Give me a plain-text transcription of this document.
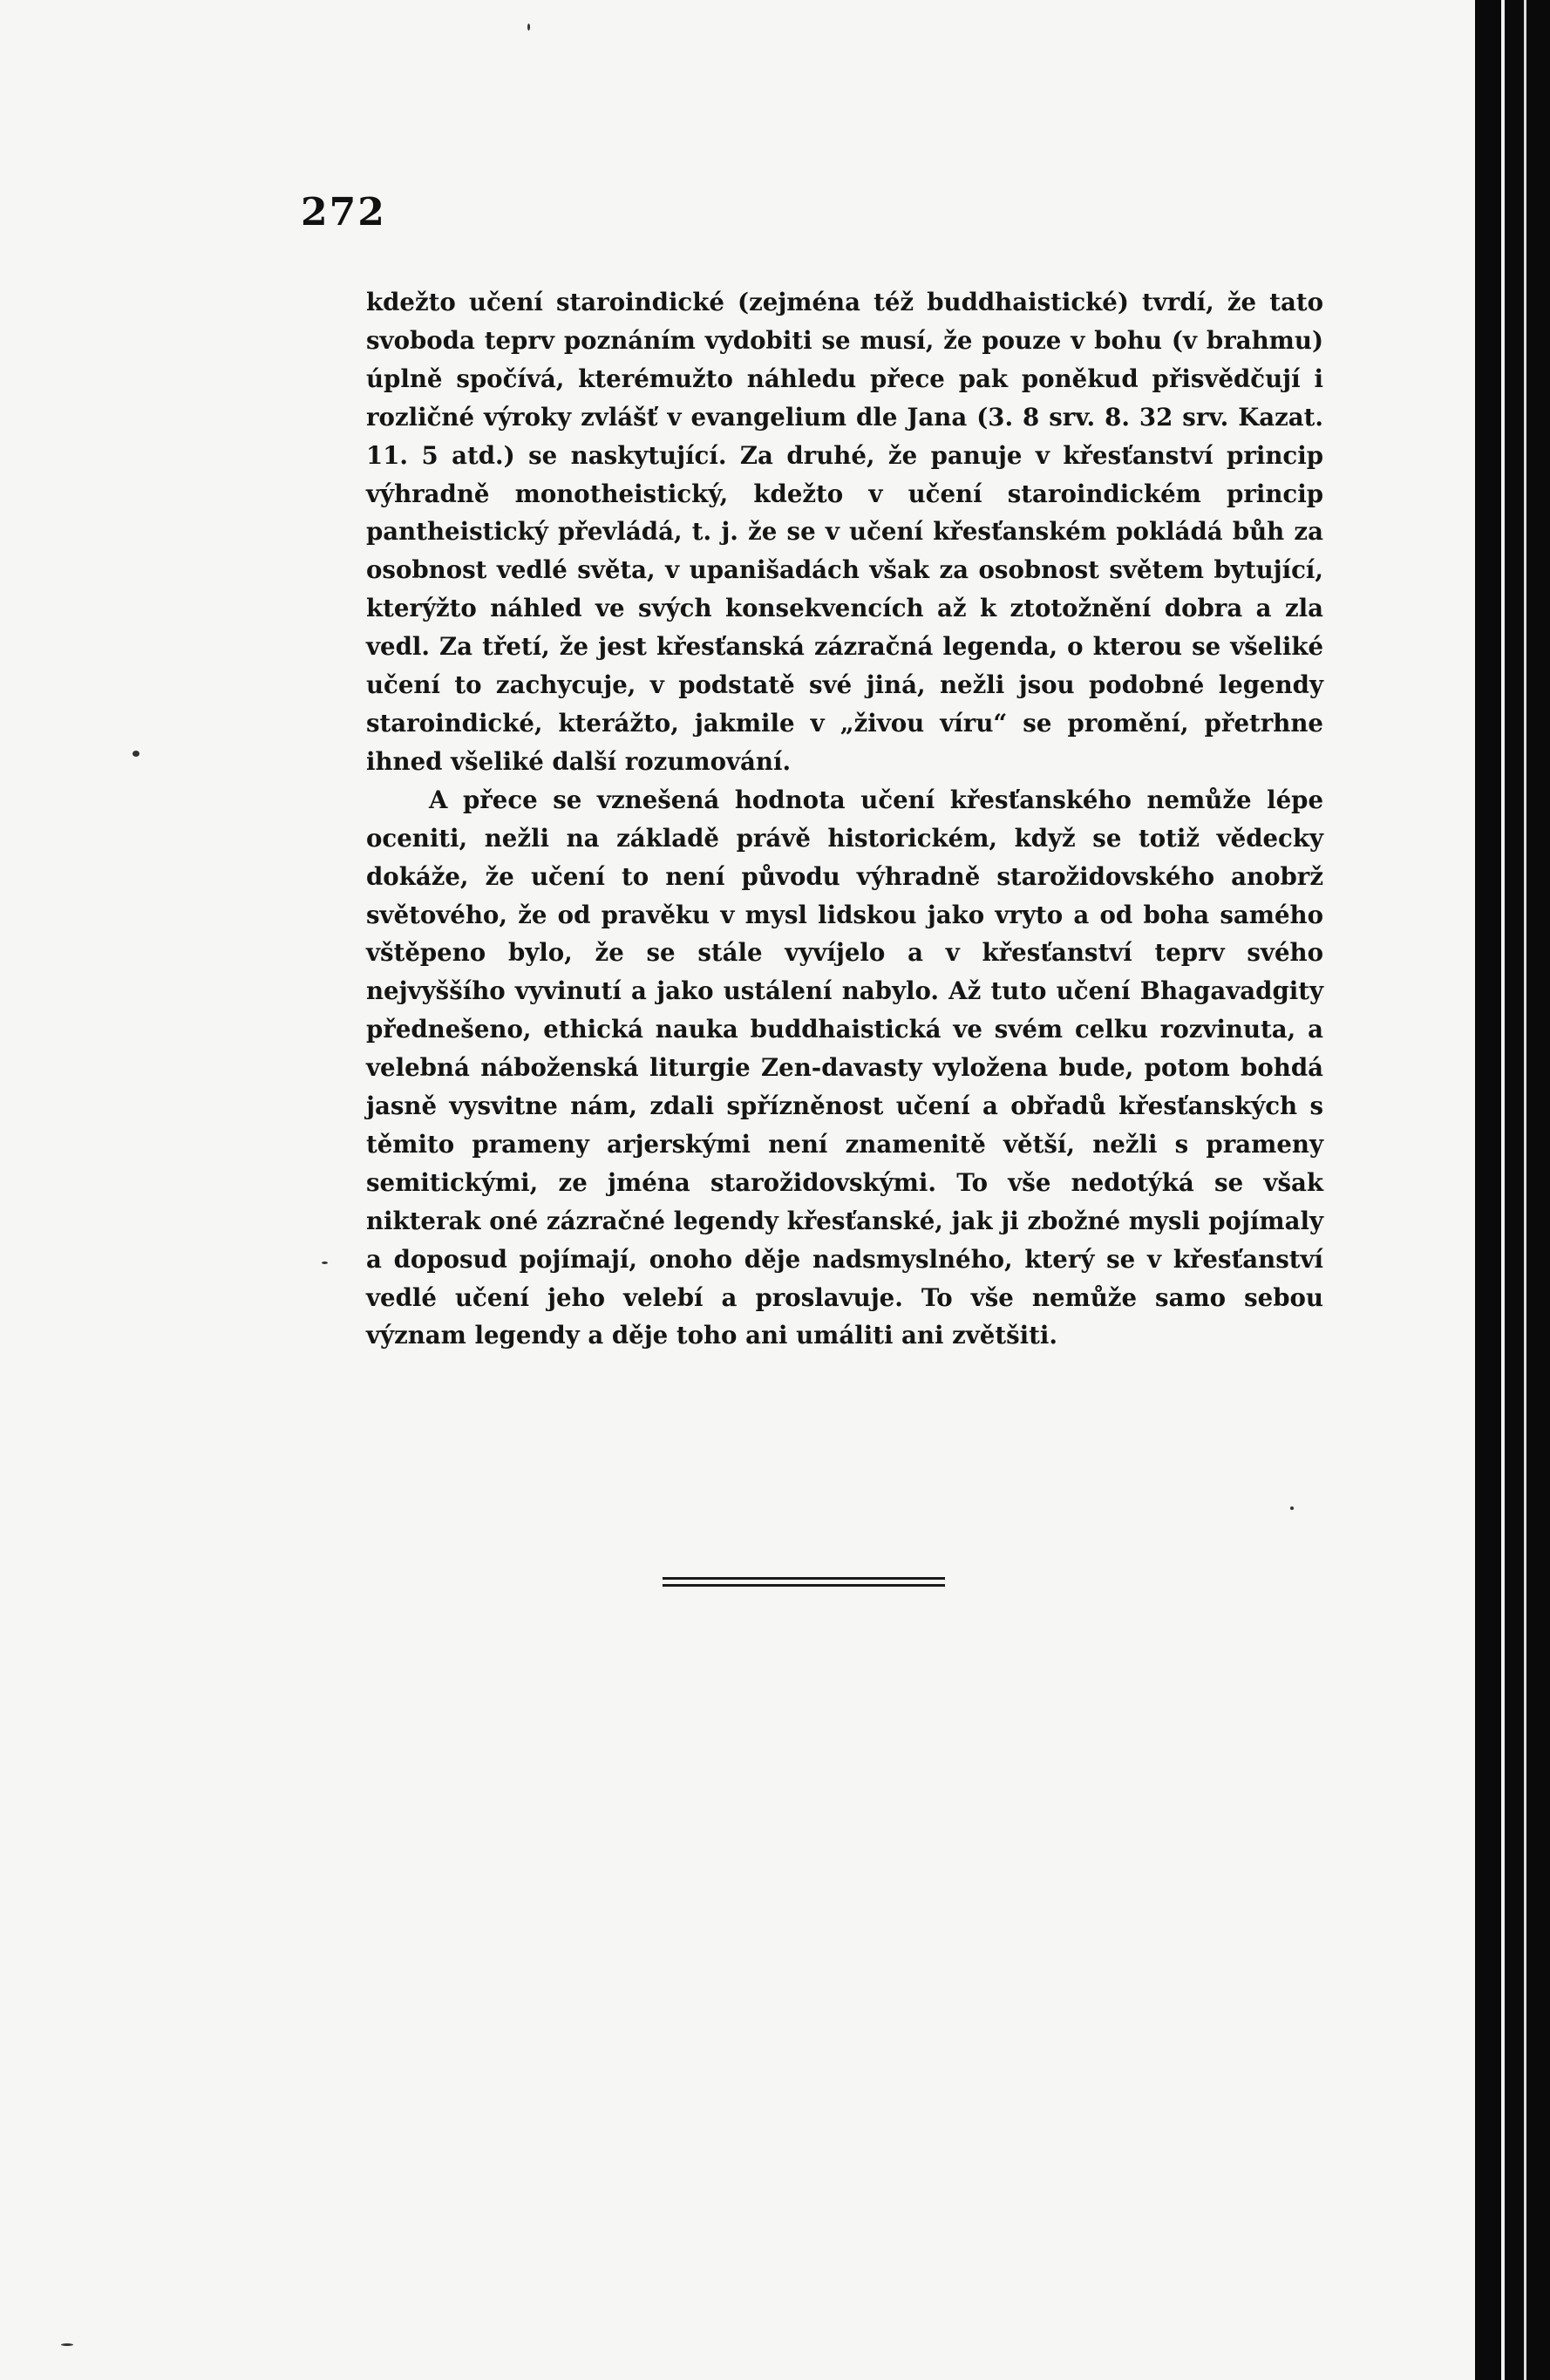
272

kdežto učení staroindické (zejména též buddhaistické) tvrdí, že tato svoboda teprv poznáním vydobiti se musí, že pouze v bohu (v brahmu) úplně spočívá, kterémužto náhledu přece pak poněkud přisvědčují i rozličné výroky zvlášť v evangelium dle Jana (3. 8 srv. 8. 32 srv. Kazat. 11. 5 atd.) se naskytující. Za druhé, že panuje v křesťanství princip výhradně monotheistický, kdežto v učení staroindickém princip pantheistický převládá, t. j. že se v učení křesťanském pokládá bůh za osobnost vedlé světa, v upanišadách však za osobnost světem bytující, kterýžto náhled ve svých konsekvencích až k ztotožnění dobra a zla vedl. Za třetí, že jest křesťanská zázračná legenda, o kterou se všeliké učení to zachycuje, v podstatě své jiná, nežli jsou podobné legendy staroindické, kterážto, jakmile v „živou víru“ se promění, přetrhne ihned všeliké další rozumování.

A přece se vznešená hodnota učení křesťanského nemůže lépe oceniti, nežli na základě právě historickém, když se totiž vědecky dokáže, že učení to není původu výhradně starožidovského anobrž světového, že od pravěku v mysl lidskou jako vryto a od boha samého vštěpeno bylo, že se stále vyvíjelo a v křesťanství teprv svého nejvyššího vyvinutí a jako ustálení nabylo. Až tuto učení Bhagavadgity přednešeno, ethická nauka buddhaistická ve svém celku rozvinuta, a velebná náboženská liturgie Zen-davasty vyložena bude, potom bohdá jasně vysvitne nám, zdali spřízněnost učení a obřadů křesťanských s těmito prameny arjerskými není znamenitě větší, nežli s prameny semitickými, ze jména starožidovskými. To vše nedotýká se však nikterak oné zázračné legendy křesťanské, jak ji zbožné mysli pojímaly a doposud pojímají, onoho děje nadsmyslného, který se v křesťanství vedlé učení jeho velebí a proslavuje. To vše nemůže samo sebou význam legendy a děje toho ani umáliti ani zvětšiti.
